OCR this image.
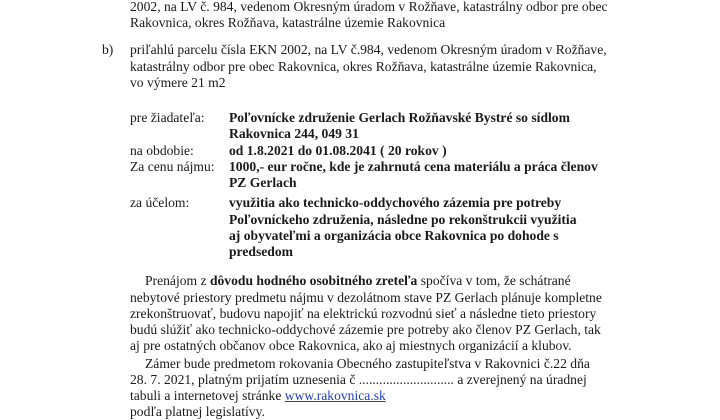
2002, na LV č. 984, vedenom Okresným úradom v Rožňave, katastrálny odbor pre obec
Rakovnica, okres Rožňava, katastrálne územie Rakovnica
b) priľahlú parcelu čísla EKN 2002, na LV č.984, vedenom Okresným úradom v Rožňave,
katastrálny odbor pre obec Rakovnica, okres Rožňava, katastrálne územie Rakovnica,
vo výmere 21 m2
pre žiadateľa: Poľovnícke združenie Gerlach Rožňavské Bystré so sídlom
Rakovnica 244, 049 31
na obdobie:	od 1.8.2021 do 01.08.2041 ( 20 rokov )
Za cenu nájmu: 1000,- eur ročne, kde je zahrnutá cena materiálu a práca členov
PZ Gerlach
za účelom:	využitia ako technicko-oddychového zázemia pre potreby
Poľovníckeho združenia, následne po rekonštrukcii využitia
aj obyvateľmi a organizácia obce Rakovnica po dohode s
predsedom
Prenájom z dôvodu hodného osobitného zreteľa spočíva v tom, že schátrané
nebytové priestory predmetu nájmu v dezolátnom stave PZ Gerlach plánuje kompletne
zrekonštruovať, budovu napojiť na elektrickú rozvodnú sieť a následne tieto priestory
budú slúžiť ako technicko-oddychové zázemie pre potreby ako členov PZ Gerlach, tak
aj pre ostatných občanov obce Rakovnica, ako aj miestnych organizácií a klubov.
Zámer bude predmetom rokovania Obecného zastupiteľstva v Rakovnici č.22 dňa
28. 7. 2021, platným prijatím uznesenia č ............................ a zverejnený na úradnej
tabuli a internetovej stránke www.rakovnica.sk
podľa platnej legislatívy.
